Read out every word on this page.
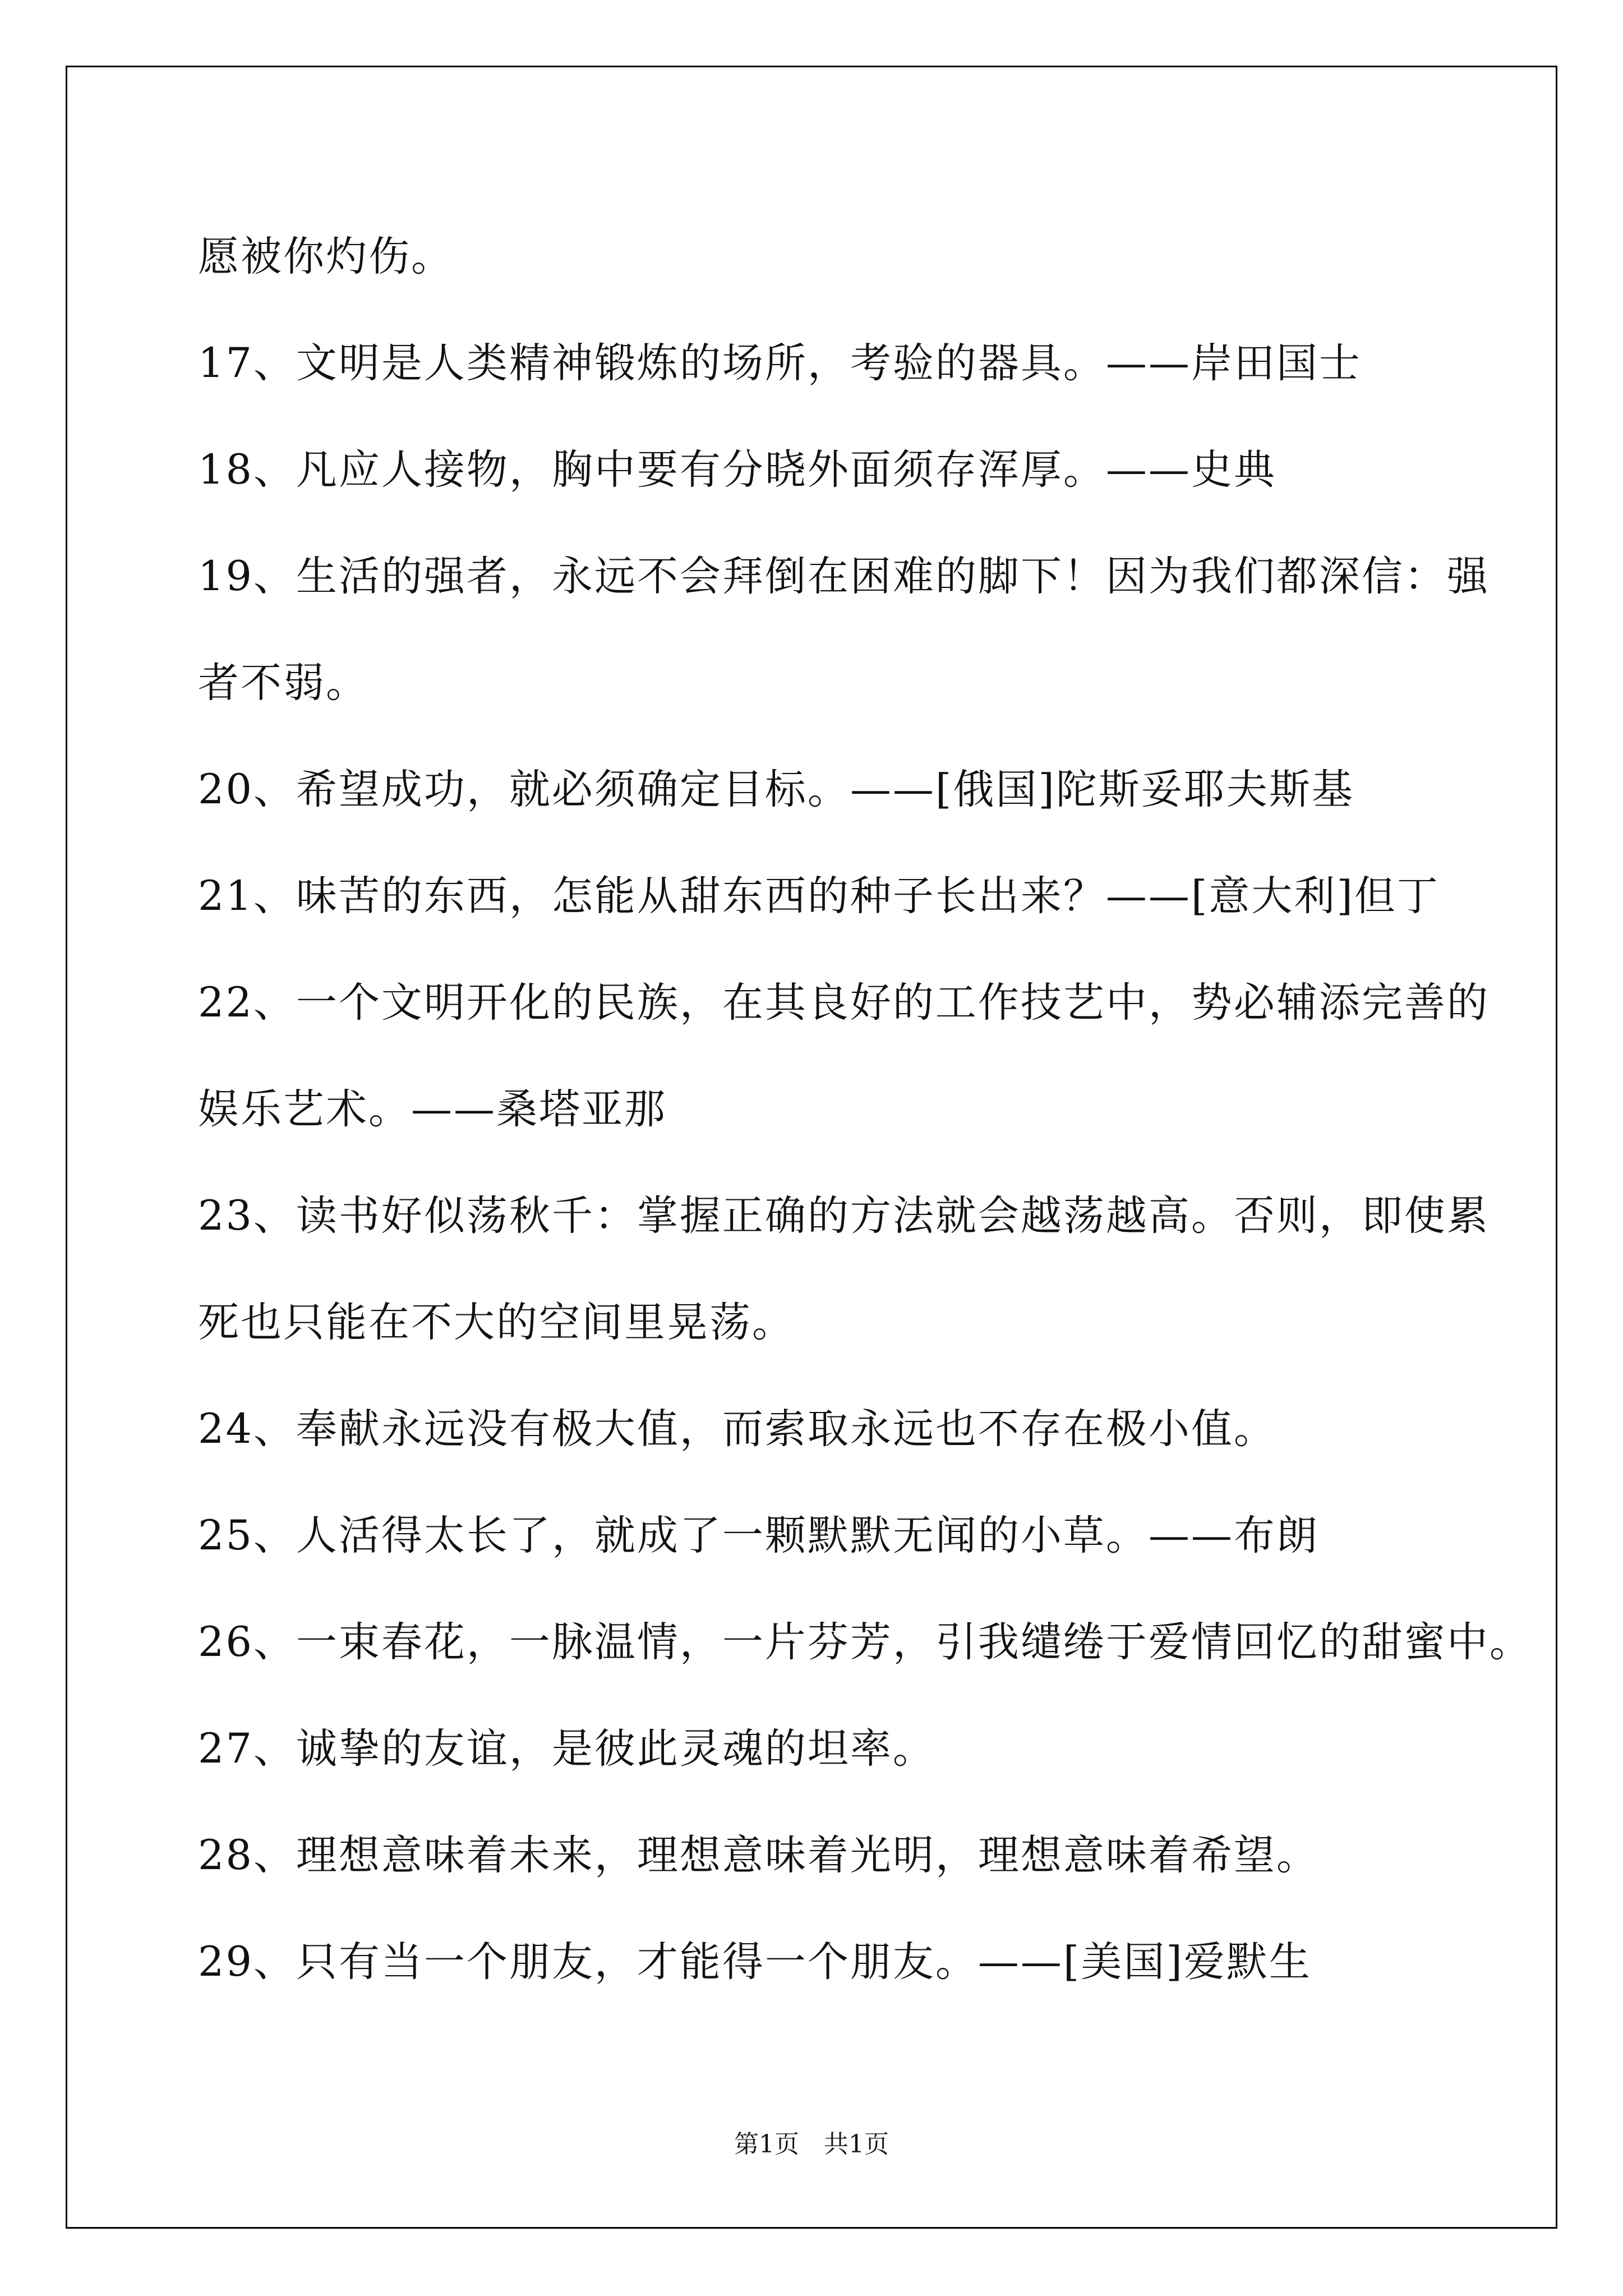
愿被你灼伤。
17、文明是人类精神锻炼的场所，考验的器具。——岸田国士
18、凡应人接物，胸中要有分晓外面须存浑厚。——史典
19、生活的强者，永远不会拜倒在困难的脚下！因为我们都深信：强
者不弱。
20、希望成功，就必须确定目标。——[俄国]陀斯妥耶夫斯基
21、味苦的东西，怎能从甜东西的种子长出来？——[意大利]但丁
22、一个文明开化的民族，在其良好的工作技艺中，势必辅添完善的
娱乐艺术。——桑塔亚那
23、读书好似荡秋千：掌握正确的方法就会越荡越高。否则，即使累
死也只能在不大的空间里晃荡。
24、奉献永远没有极大值，而索取永远也不存在极小值。
25、人活得太长了，就成了一颗默默无闻的小草。——布朗
26、一束春花，一脉温情，一片芬芳，引我缱绻于爱情回忆的甜蜜中。
27、诚挚的友谊，是彼此灵魂的坦率。
28、理想意味着未来，理想意味着光明，理想意味着希望。
29、只有当一个朋友，才能得一个朋友。——[美国]爱默生
第1页　共1页
